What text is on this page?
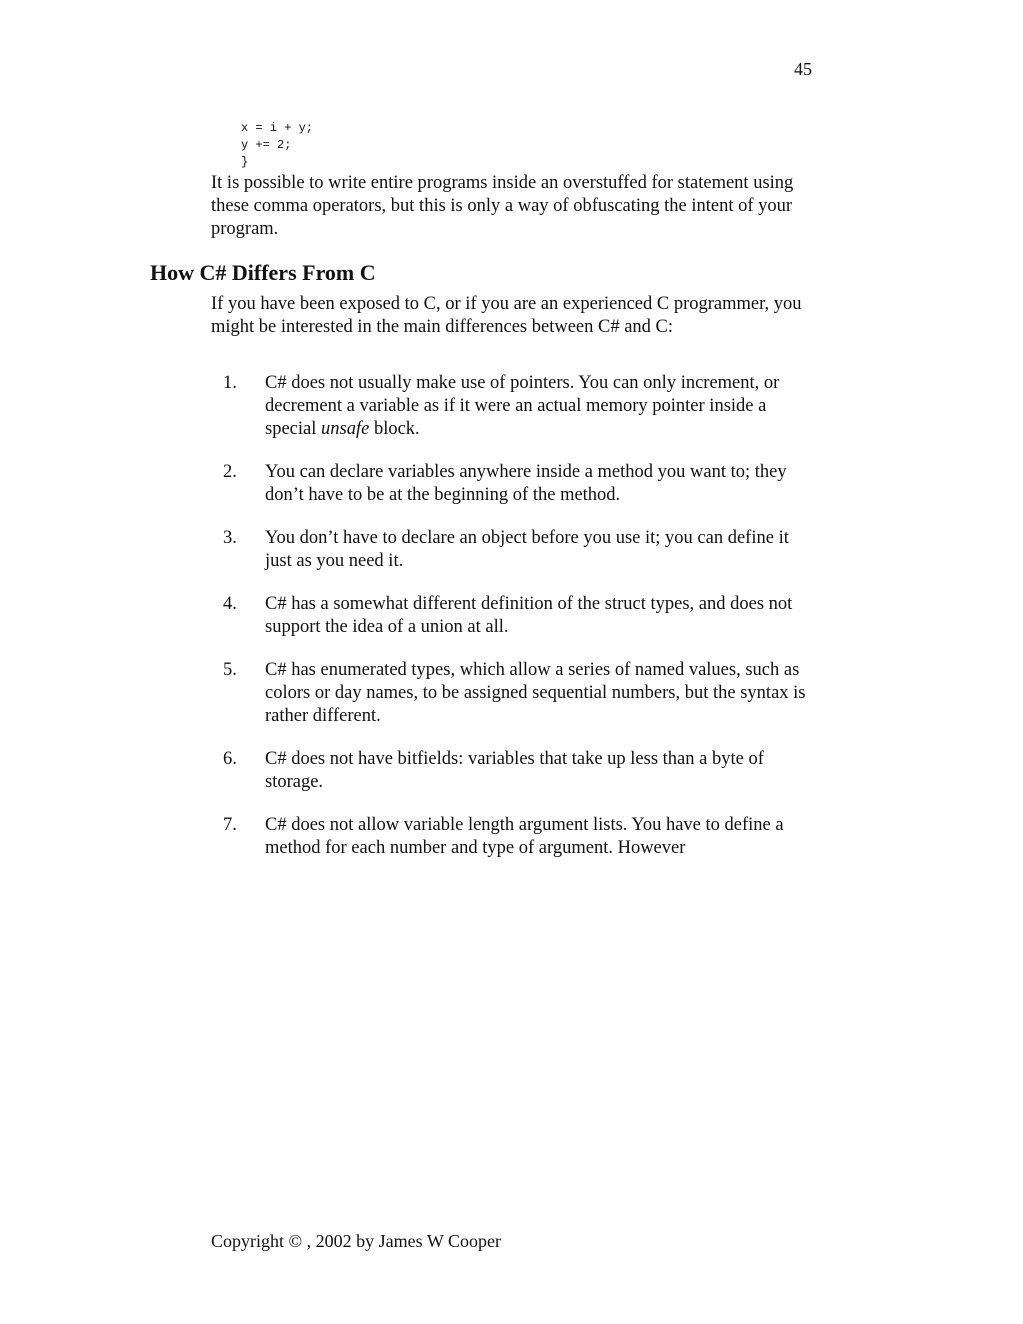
45
x = i + y;
y += 2;
}

It is possible to write entire programs inside an overstuffed for statement using these comma operators, but this is only a way of obfuscating the intent of your program.

How C# Differs From C

If you have been exposed to C, or if you are an experienced C programmer, you might be interested in the main differences between C# and C:

1. C# does not usually make use of pointers. You can only increment, or decrement a variable as if it were an actual memory pointer inside a special unsafe block.
2. You can declare variables anywhere inside a method you want to; they don’t have to be at the beginning of the method.
3. You don’t have to declare an object before you use it; you can define it just as you need it.
4. C# has a somewhat different definition of the struct types, and does not support the idea of a union at all.
5. C# has enumerated types, which allow a series of named values, such as colors or day names, to be assigned sequential numbers, but the syntax is rather different.
6. C# does not have bitfields: variables that take up less than a byte of storage.
7. C# does not allow variable length argument lists. You have to define a method for each number and type of argument. However

Copyright © , 2002 by James W Cooper
